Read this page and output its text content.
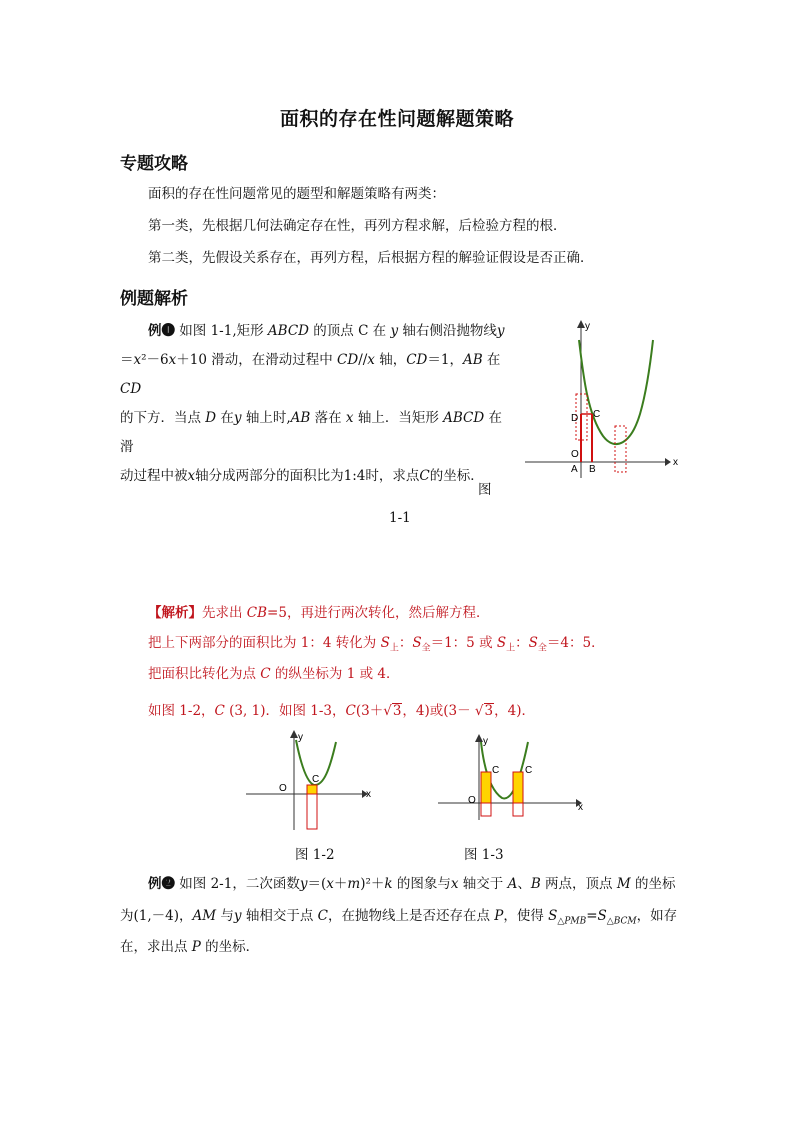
面积的存在性问题解题策略
专题攻略
面积的存在性问题常见的题型和解题策略有两类：
第一类，先根据几何法确定存在性，再列方程求解，后检验方程的根．
第二类，先假设关系存在，再列方程，后根据方程的解验证假设是否正确．
例题解析
例❶ 如图 1-1,矩形 ABCD 的顶点 C 在 y 轴右侧沿抛物线y
＝x²－6x＋10 滑动，在滑动过程中 CD//x 轴，CD＝1，AB 在 CD
的下方．当点 D 在y 轴上时,AB 落在 x 轴上．当矩形 ABCD 在滑
动过程中被x轴分成两部分的面积比为1:4时，求点C的坐标．
图
1-1
x
y
D C
O
A B
【解析】先求出 CB=5，再进行两次转化，然后解方程．
把上下两部分的面积比为 1：4 转化为 $S_上$：$S_全=1$：5 或 $S_上$：$S_全=4$：5．
把面积比转化为点 C 的纵坐标为 1 或 4．
如图 1-2，C (3, 1)．如图 1-3，C(3＋√3，4)或(3－ √3，4)．
x
y
C
O
图 1-2
x
y
C	C
O
图 1-3
例❷ 如图 2-1，二次函数y＝(x＋m)²＋k 的图象与x 轴交于 A、B 两点，顶点 M 的坐标
为(1,－4)，AM 与y 轴相交于点 C，在抛物线上是否还存在点 P，使得 $S_{\triangle PMB}=S_{\triangle BCM}$，如存
在，求出点 P 的坐标．
